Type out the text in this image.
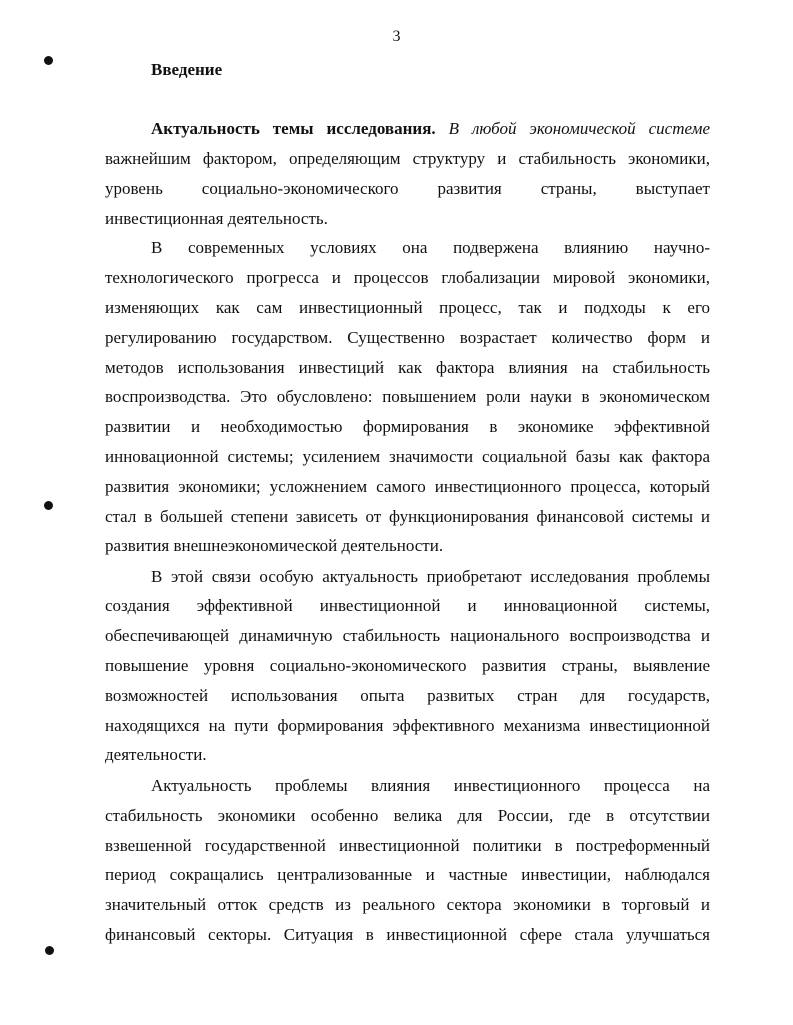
3
Введение
Актуальность темы исследования. В любой экономической системе
важнейшим фактором, определяющим структуру и стабильность экономики,
уровень социально-экономического развития страны, выступает
инвестиционная деятельность.
В современных условиях она подвержена влиянию научно-
технологического прогресса и процессов глобализации мировой экономики,
изменяющих как сам инвестиционный процесс, так и подходы к его
регулированию государством. Существенно возрастает количество форм и
методов использования инвестиций как фактора влияния на стабильность
воспроизводства. Это обусловлено: повышением роли науки в экономическом
развитии и необходимостью формирования в экономике эффективной
инновационной системы; усилением значимости социальной базы как фактора
развития экономики; усложнением самого инвестиционного процесса, который
стал в большей степени зависеть от функционирования финансовой системы и
развития внешнеэкономической деятельности.
В этой связи особую актуальность приобретают исследования проблемы
создания эффективной инвестиционной и инновационной системы,
обеспечивающей динамичную стабильность национального воспроизводства и
повышение уровня социально-экономического развития страны, выявление
возможностей использования опыта развитых стран для государств,
находящихся на пути формирования эффективного механизма инвестиционной
деятельности.
Актуальность проблемы влияния инвестиционного процесса на
стабильность экономики особенно велика для России, где в отсутствии
взвешенной государственной инвестиционной политики в постреформенный
период сокращались централизованные и частные инвестиции, наблюдался
значительный отток средств из реального сектора экономики в торговый и
финансовый секторы. Ситуация в инвестиционной сфере стала улучшаться
